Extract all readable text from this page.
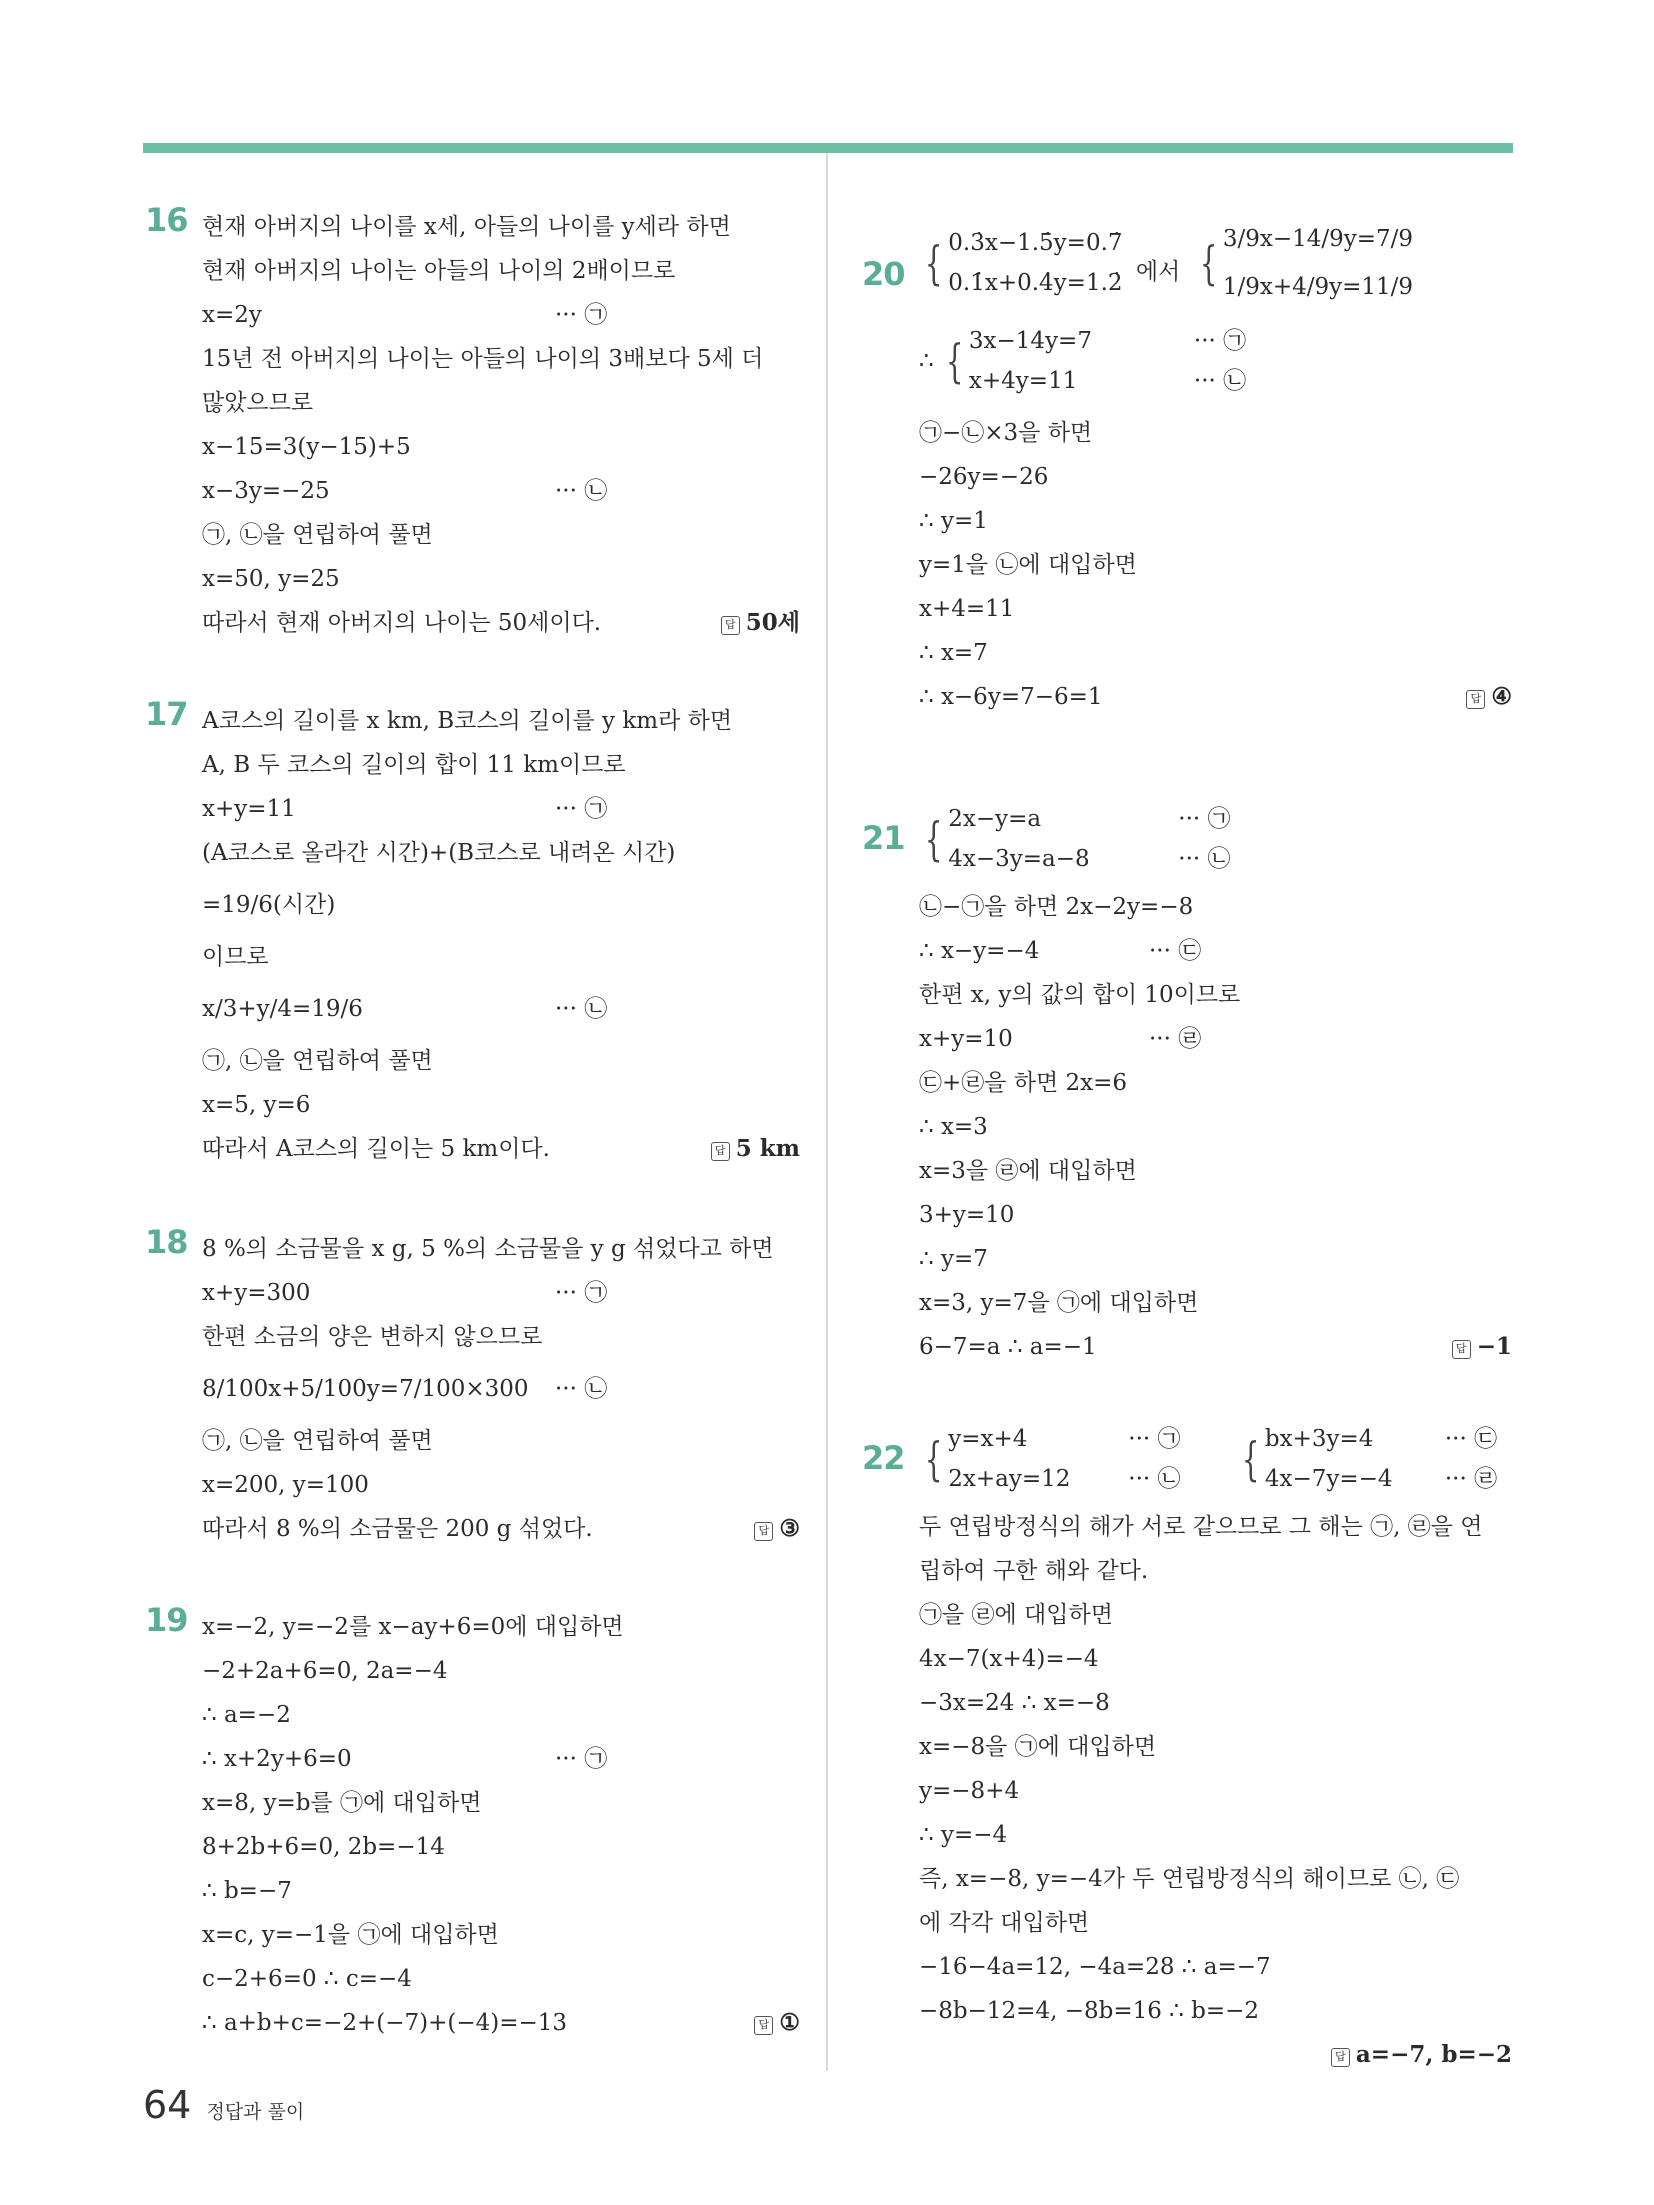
16 현재 아버지의 나이를 x세, 아들의 나이를 y세라 하면
현재 아버지의 나이는 아들의 나이의 2배이므로
x=2y	··· ㉠
15년 전 아버지의 나이는 아들의 나이의 3배보다 5세 더
많았으므로
x−15=3(y−15)+5
x−3y=−25	··· ㉡
㉠, ㉡을 연립하여 풀면
x=50, y=25
따라서 현재 아버지의 나이는 50세이다.	답 50세
17 A코스의 길이를 x km, B코스의 길이를 y km라 하면
A, B 두 코스의 길이의 합이 11 km이므로
x+y=11	··· ㉠
(A코스로 올라간 시간)+(B코스로 내려온 시간)
=19/6(시간)
이므로
x/3+y/4=19/6	··· ㉡
㉠, ㉡을 연립하여 풀면
x=5, y=6
따라서 A코스의 길이는 5 km이다.	답 5 km
18 8 %의 소금물을 x g, 5 %의 소금물을 y g 섞었다고 하면
x+y=300	··· ㉠
한편 소금의 양은 변하지 않으므로
8/100x+5/100y=7/100×300 ··· ㉡
㉠, ㉡을 연립하여 풀면
x=200, y=100
따라서 8 %의 소금물은 200 g 섞었다.	답 ③
19 x=−2, y=−2를 x−ay+6=0에 대입하면
−2+2a+6=0, 2a=−4
∴ a=−2
∴ x+2y+6=0	··· ㉠
x=8, y=b를 ㉠에 대입하면
8+2b+6=0, 2b=−14
∴ b=−7
x=c, y=−1을 ㉠에 대입하면
c−2+6=0 ∴ c=−4
∴ a+b+c=−2+(−7)+(−4)=−13	답 ①
20 { 0.3̇x−1.5̇y=0.7̇
0.1̇x+0.4̇y=1.2̇ 에서 { 3/9x−14/9y=7/9
1/9x+4/9y=11/9
∴ { 3x−14y=7	··· ㉠
x+4y=11	··· ㉡
㉠−㉡×3을 하면
−26y=−26
∴ y=1
y=1을 ㉡에 대입하면
x+4=11
∴ x=7
∴ x−6y=7−6=1	답 ④
21 { 2x−y=a	··· ㉠
4x−3y=a−8	··· ㉡
㉡−㉠을 하면 2x−2y=−8
∴ x−y=−4	··· ㉢
한편 x, y의 값의 합이 10이므로
x+y=10	··· ㉣
㉢+㉣을 하면 2x=6
∴ x=3
x=3을 ㉣에 대입하면
3+y=10
∴ y=7
x=3, y=7을 ㉠에 대입하면
6−7=a ∴ a=−1	답 −1
22 { y=x+4	··· ㉠
2x+ay=12	··· ㉡
{ bx+3y=4	··· ㉢
4x−7y=−4 ··· ㉣
두 연립방정식의 해가 서로 같으므로 그 해는 ㉠, ㉣을 연
립하여 구한 해와 같다.
㉠을 ㉣에 대입하면
4x−7(x+4)=−4
−3x=24 ∴ x=−8
x=−8을 ㉠에 대입하면
y=−8+4
∴ y=−4
즉, x=−8, y=−4가 두 연립방정식의 해이므로 ㉡, ㉢
에 각각 대입하면
−16−4a=12, −4a=28 ∴ a=−7
−8b−12=4, −8b=16 ∴ b=−2
답 a=−7, b=−2
64 정답과 풀이
